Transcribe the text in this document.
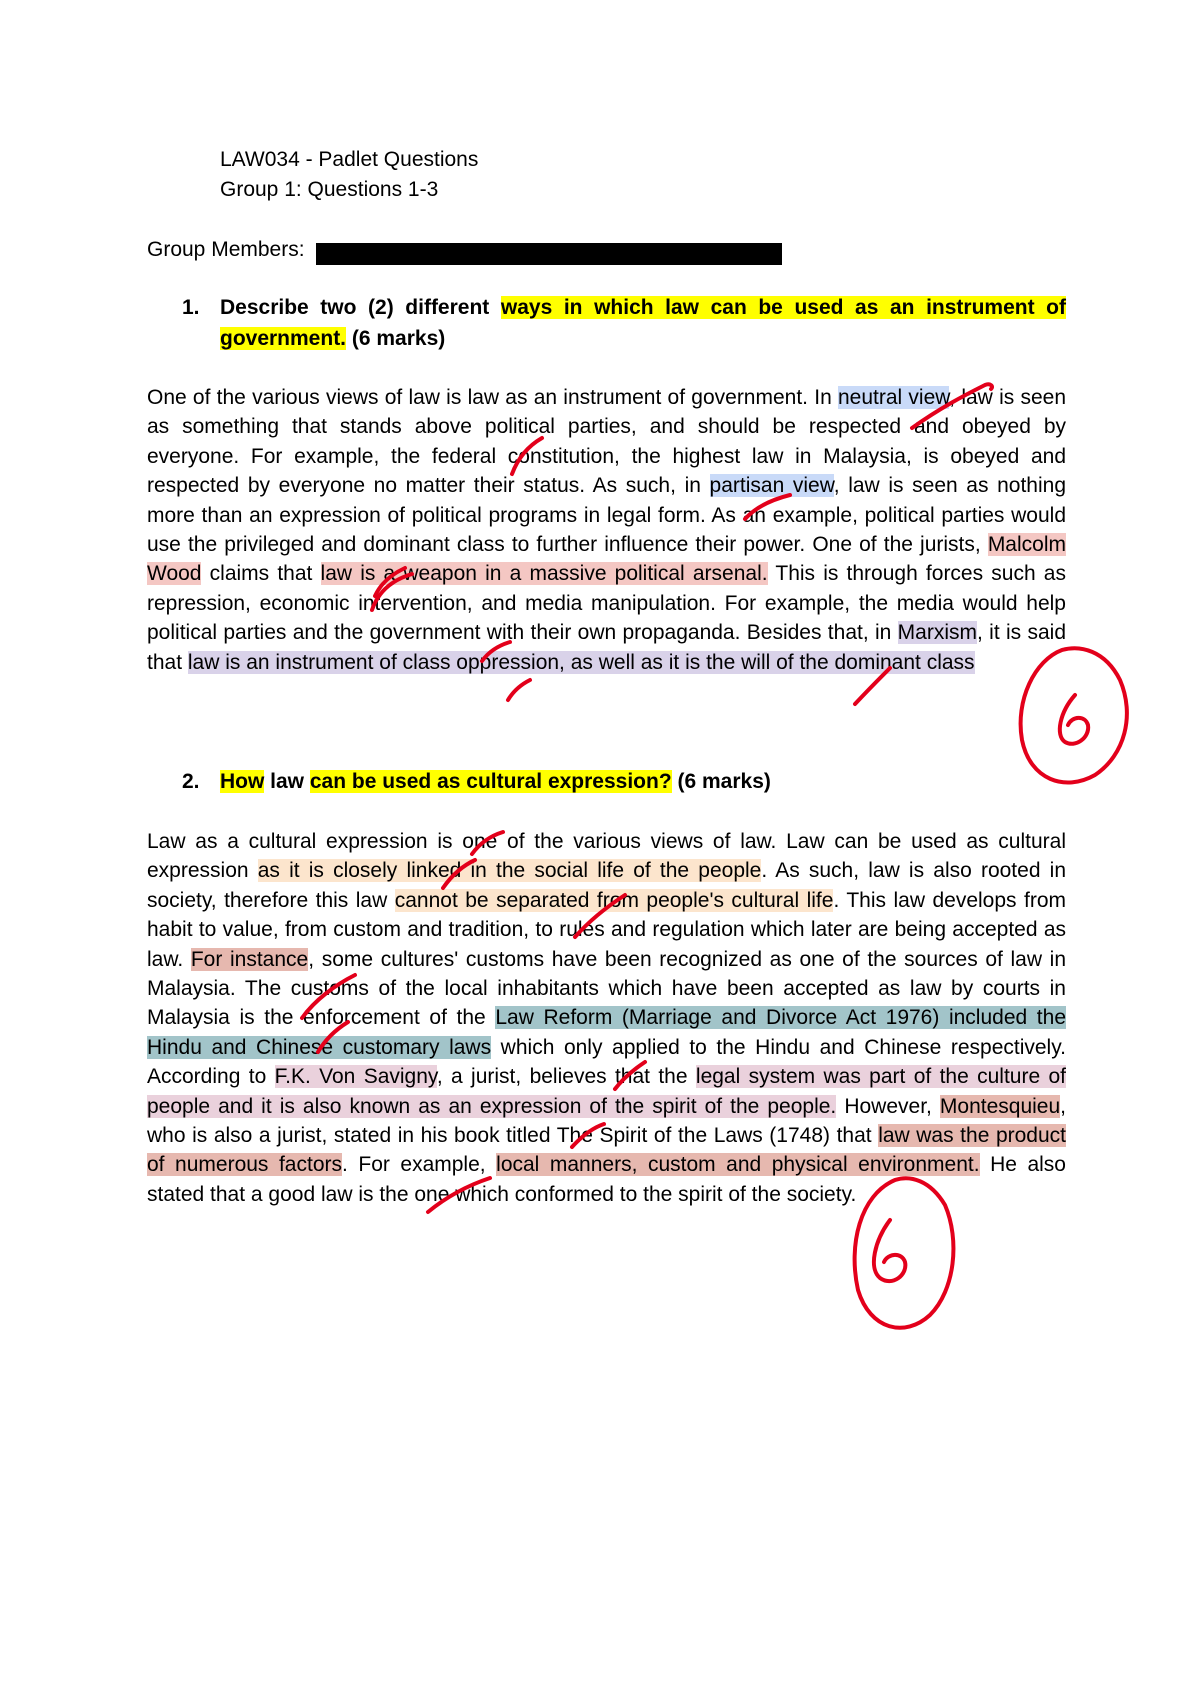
LAW034 - Padlet Questions
Group 1: Questions 1-3
Group Members:
1. Describe two (2) different ways in which law can be used as an instrument of government. (6 marks)
One of the various views of law is law as an instrument of government. In neutral view, law is seen as something that stands above political parties, and should be respected and obeyed by everyone. For example, the federal constitution, the highest law in Malaysia, is obeyed and respected by everyone no matter their status. As such, in partisan view, law is seen as nothing more than an expression of political programs in legal form. As an example, political parties would use the privileged and dominant class to further influence their power. One of the jurists, Malcolm Wood claims that law is a weapon in a massive political arsenal. This is through forces such as repression, economic intervention, and media manipulation. For example, the media would help political parties and the government with their own propaganda. Besides that, in Marxism, it is said that law is an instrument of class oppression, as well as it is the will of the dominant class
2. How law can be used as cultural expression? (6 marks)
Law as a cultural expression is one of the various views of law. Law can be used as cultural expression as it is closely linked in the social life of the people. As such, law is also rooted in society, therefore this law cannot be separated from people's cultural life. This law develops from habit to value, from custom and tradition, to rules and regulation which later are being accepted as law. For instance, some cultures' customs have been recognized as one of the sources of law in Malaysia. The customs of the local inhabitants which have been accepted as law by courts in Malaysia is the enforcement of the Law Reform (Marriage and Divorce Act 1976) included the Hindu and Chinese customary laws which only applied to the Hindu and Chinese respectively. According to F.K. Von Savigny, a jurist, believes that the legal system was part of the culture of people and it is also known as an expression of the spirit of the people. However, Montesquieu, who is also a jurist, stated in his book titled The Spirit of the Laws (1748) that law was the product of numerous factors. For example, local manners, custom and physical environment. He also stated that a good law is the one which conformed to the spirit of the society.
